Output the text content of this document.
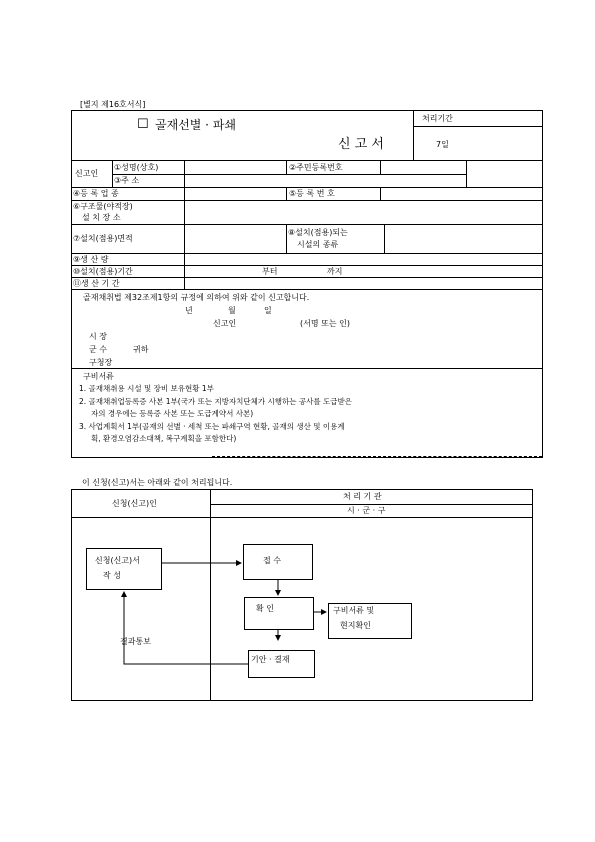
[별지 제16호서식]
☐ 골재선별 · 파쇄
신 고 서
처리기간
7일
신고인
①성명(상호)	②주민등록번호
③주 소
④등 록 업 종	⑤등 록 번 호
⑥구조물(야적장)
설 치 장 소
⑦설치(점용)면적
⑧설치(점용)되는
시설의 종류
⑨생 산 량
⑩설치(점용)기간	부터	까지
⑪생 산 기 간
골재채취법 제32조제1항의 규정에 의하여 위와 같이 신고합니다.
년	월	일
신고인	(서명 또는 인)
시 장
군 수	귀하
구청장
구비서류
1. 골재채취용 시설 및 장비 보유현황 1부
2. 골재채취업등록증 사본 1부(국가 또는 지방자치단체가 시행하는 공사를 도급받은
자의 경우에는 등록증 사본 또는 도급계약서 사본)
3. 사업계획서 1부(골재의 선별 · 세척 또는 파쇄구역 현황, 골재의 생산 및 이용계
획, 환경오염감소대책, 복구계획을 포함한다)
이 신청(신고)서는 아래와 같이 처리됩니다.
신청(신고)인
처 리 기 관
시 · 군 · 구
신청(신고)서
작 성
접 수
확 인	구비서류 및
현지확인
기안 · 결재
결과통보
